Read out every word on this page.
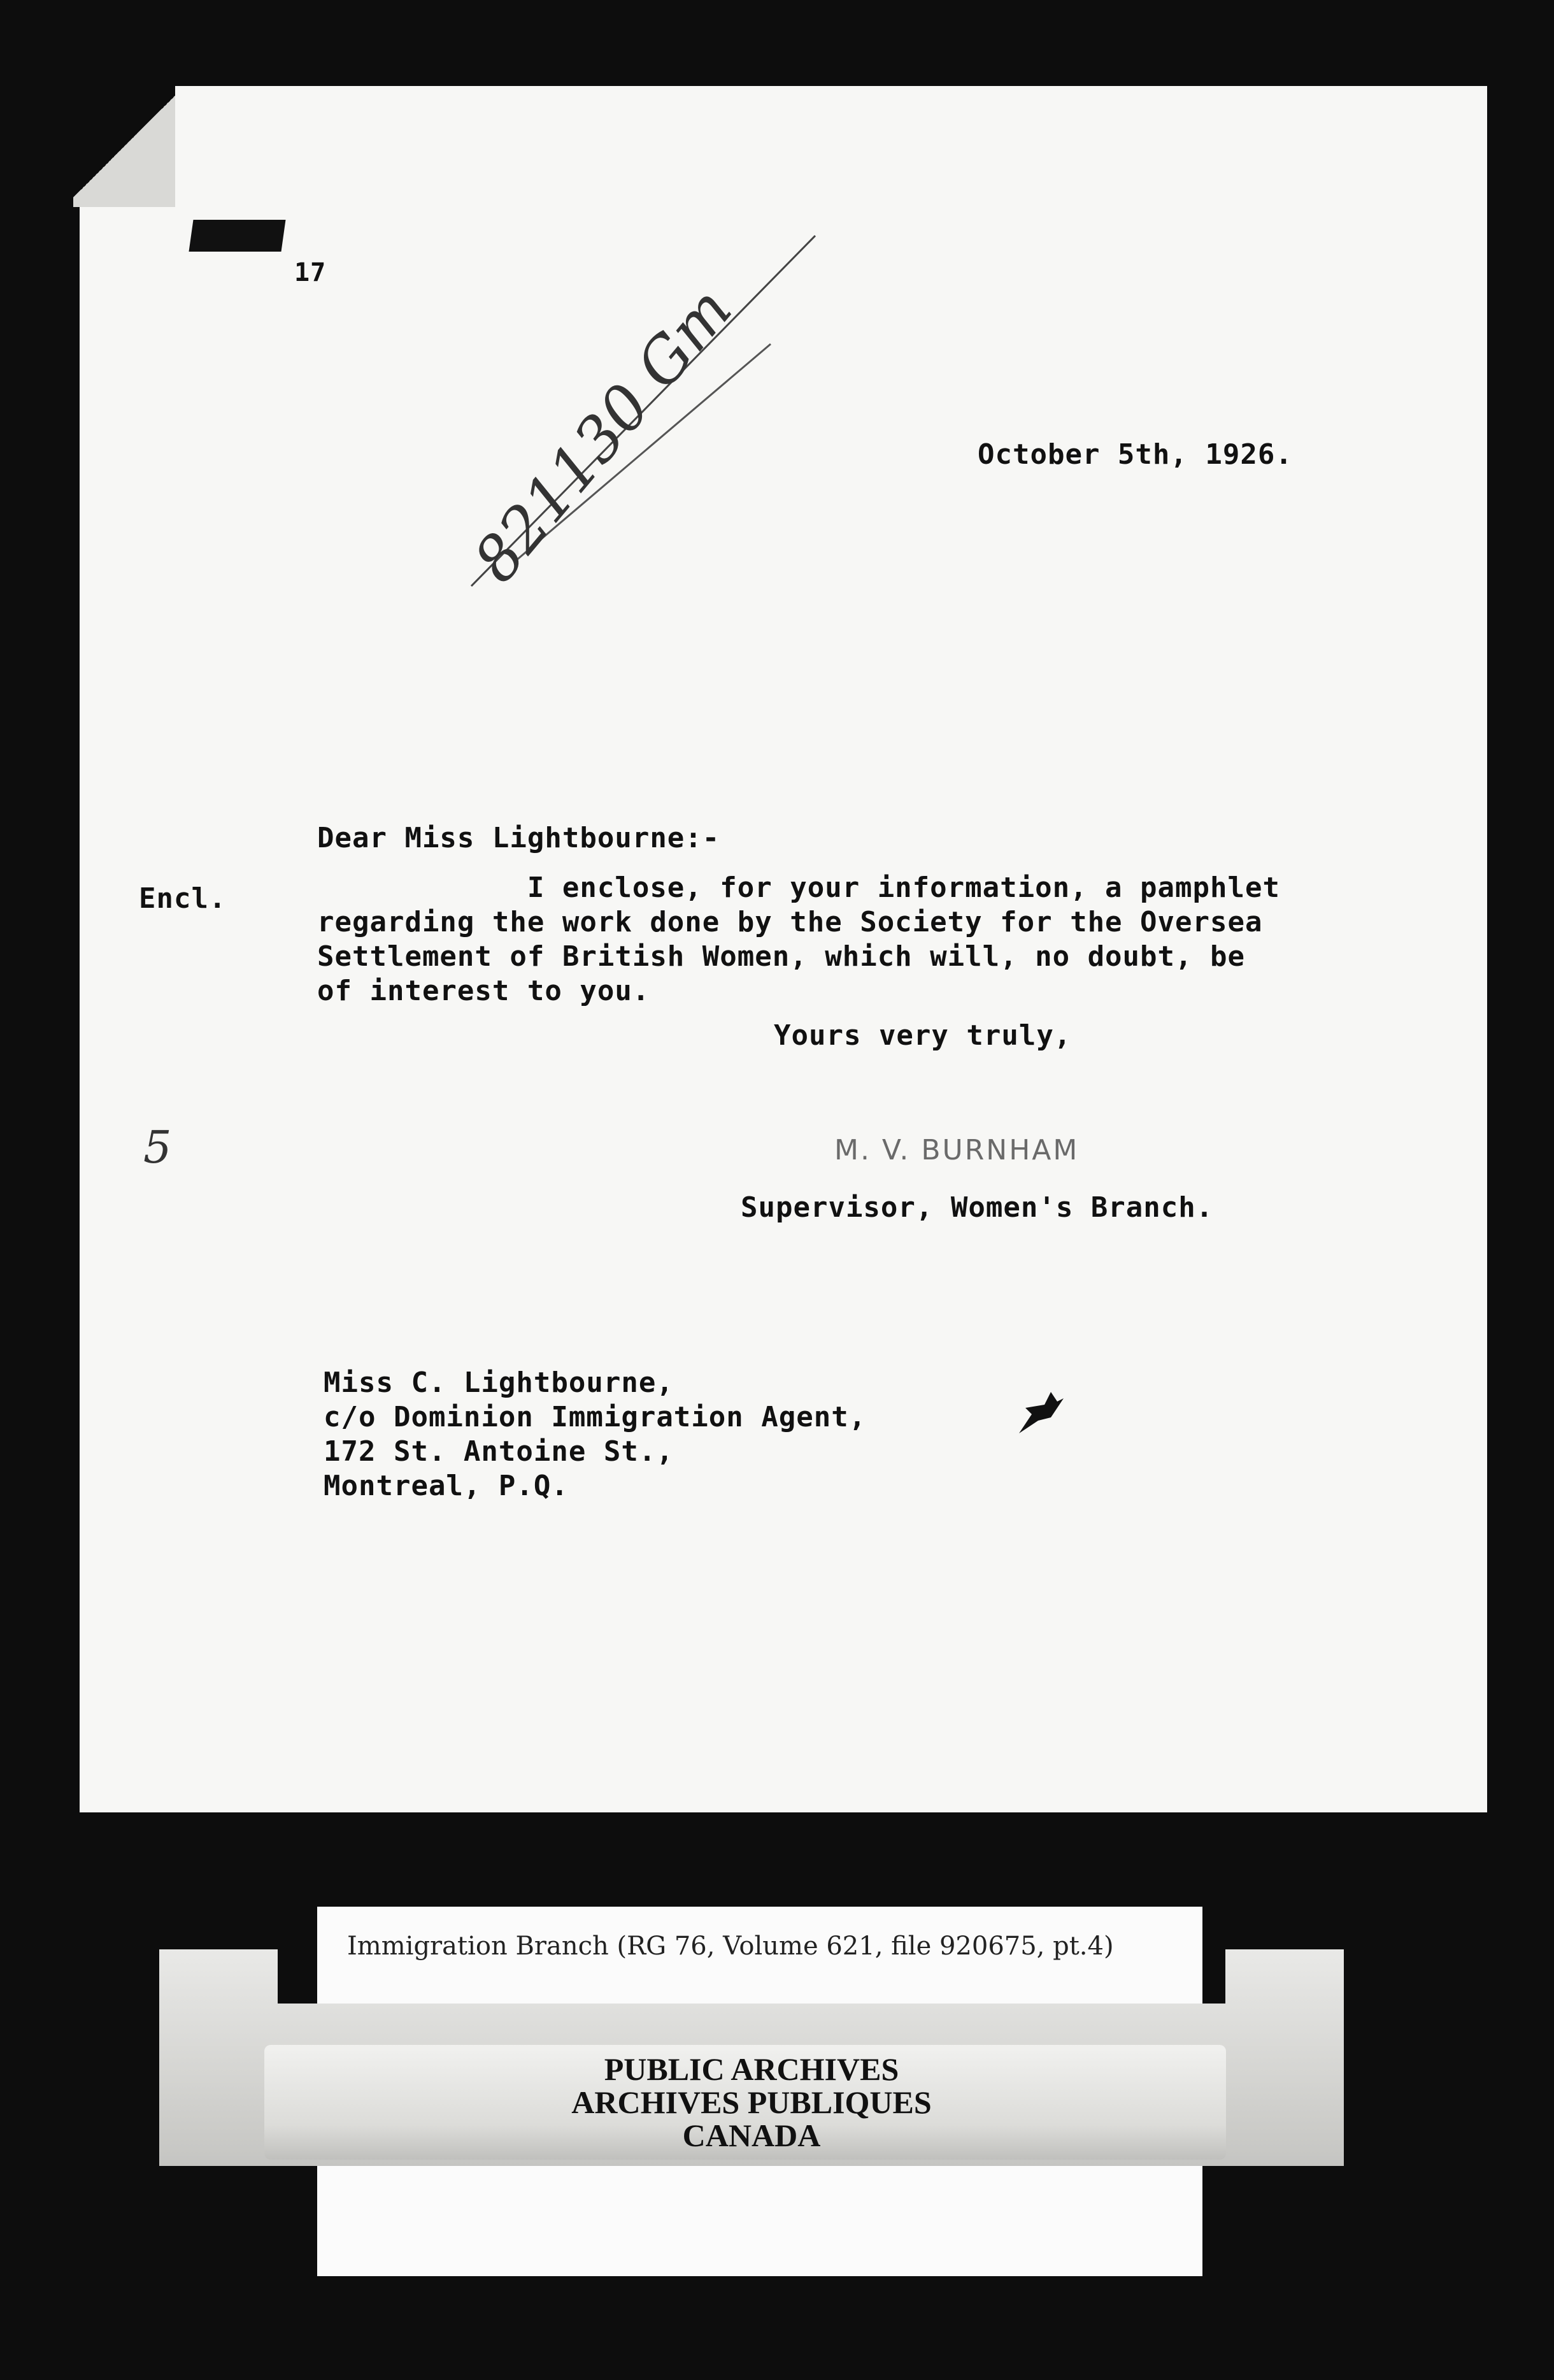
17
821130 Gm	October 5th, 1926.
Dear Miss Lightbourne:-
Encl.	I enclose, for your information, a pamphlet
regarding the work done by the Society for the Oversea
Settlement of British Women, which will, no doubt, be
of interest to you.
Yours very truly,
5	M. V. BURNHAM
Supervisor, Women's Branch.
Miss C. Lightbourne,
c/o Dominion Immigration Agent,
172 St. Antoine St.,
Montreal, P.Q.
Immigration Branch (RG 76, Volume 621, file 920675, pt.4)
PUBLIC ARCHIVES
ARCHIVES PUBLIQUES
CANADA
